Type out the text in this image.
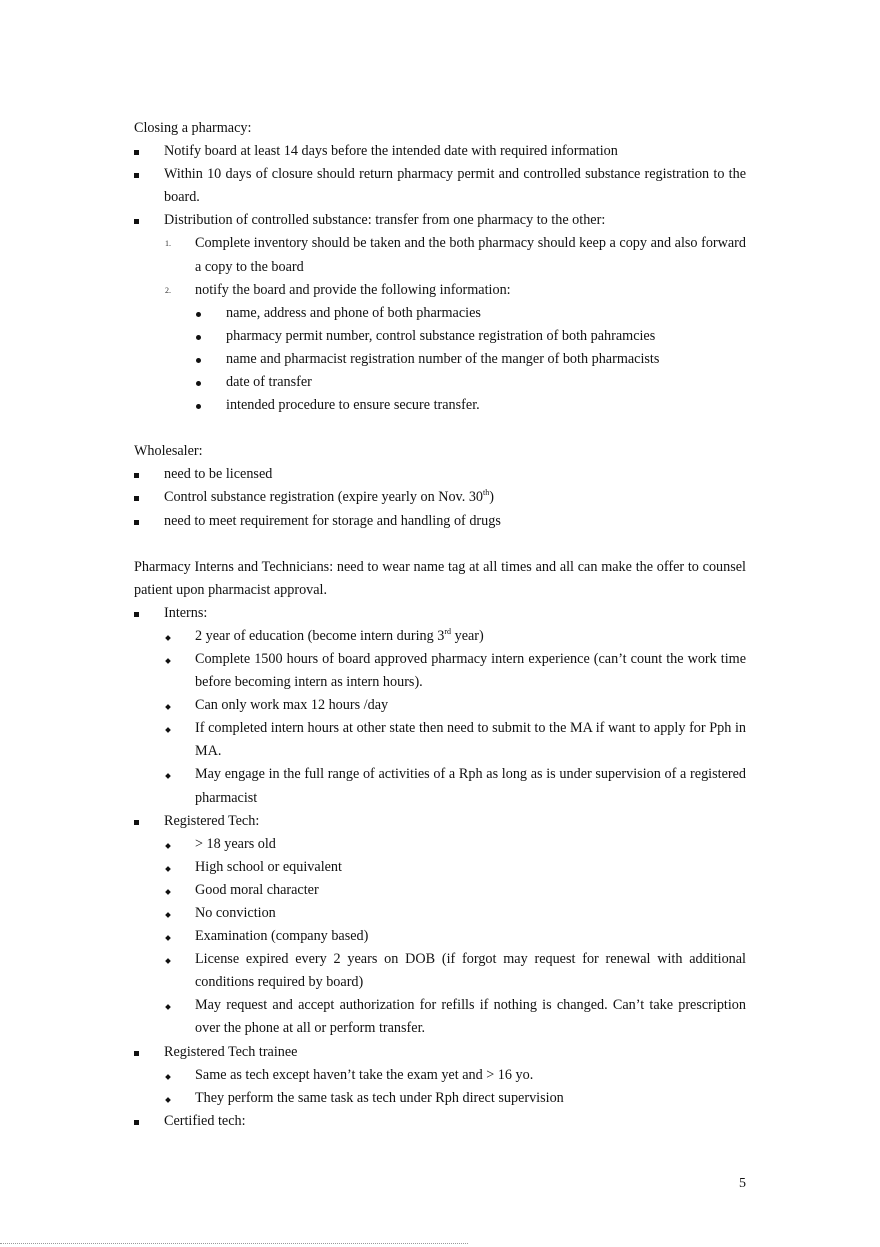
Closing a pharmacy:

Notify board at least 14 days before the intended date with required information
Within 10 days of closure should return pharmacy permit and controlled substance registration to the board.
Distribution of controlled substance: transfer from one pharmacy to the other:
1. Complete inventory should be taken and the both pharmacy should keep a copy and also forward a copy to the board
2. notify the board and provide the following information:
name, address and phone of both pharmacies
pharmacy permit number, control substance registration of both pahramcies
name and pharmacist registration number of the manger of both pharmacists
date of transfer
intended procedure to ensure secure transfer.

Wholesaler:

need to be licensed
Control substance registration (expire yearly on Nov. 30th)
need to meet requirement for storage and handling of drugs

Pharmacy Interns and Technicians: need to wear name tag at all times and all can make the offer to counsel patient upon pharmacist approval.

Interns:
2 year of education (become intern during 3rd year)
Complete 1500 hours of board approved pharmacy intern experience (can’t count the work time before becoming intern as intern hours).
Can only work max 12 hours /day
If completed intern hours at other state then need to submit to the MA if want to apply for Pph in MA.
May engage in the full range of activities of a Rph as long as is under supervision of a registered pharmacist
Registered Tech:
> 18 years old
High school or equivalent
Good moral character
No conviction
Examination (company based)
License expired every 2 years on DOB (if forgot may request for renewal with additional conditions required by board)
May request and accept authorization for refills if nothing is changed. Can’t take prescription over the phone at all or perform transfer.
Registered Tech trainee
Same as tech except haven’t take the exam yet and > 16 yo.
They perform the same task as tech under Rph direct supervision
Certified tech:
5
